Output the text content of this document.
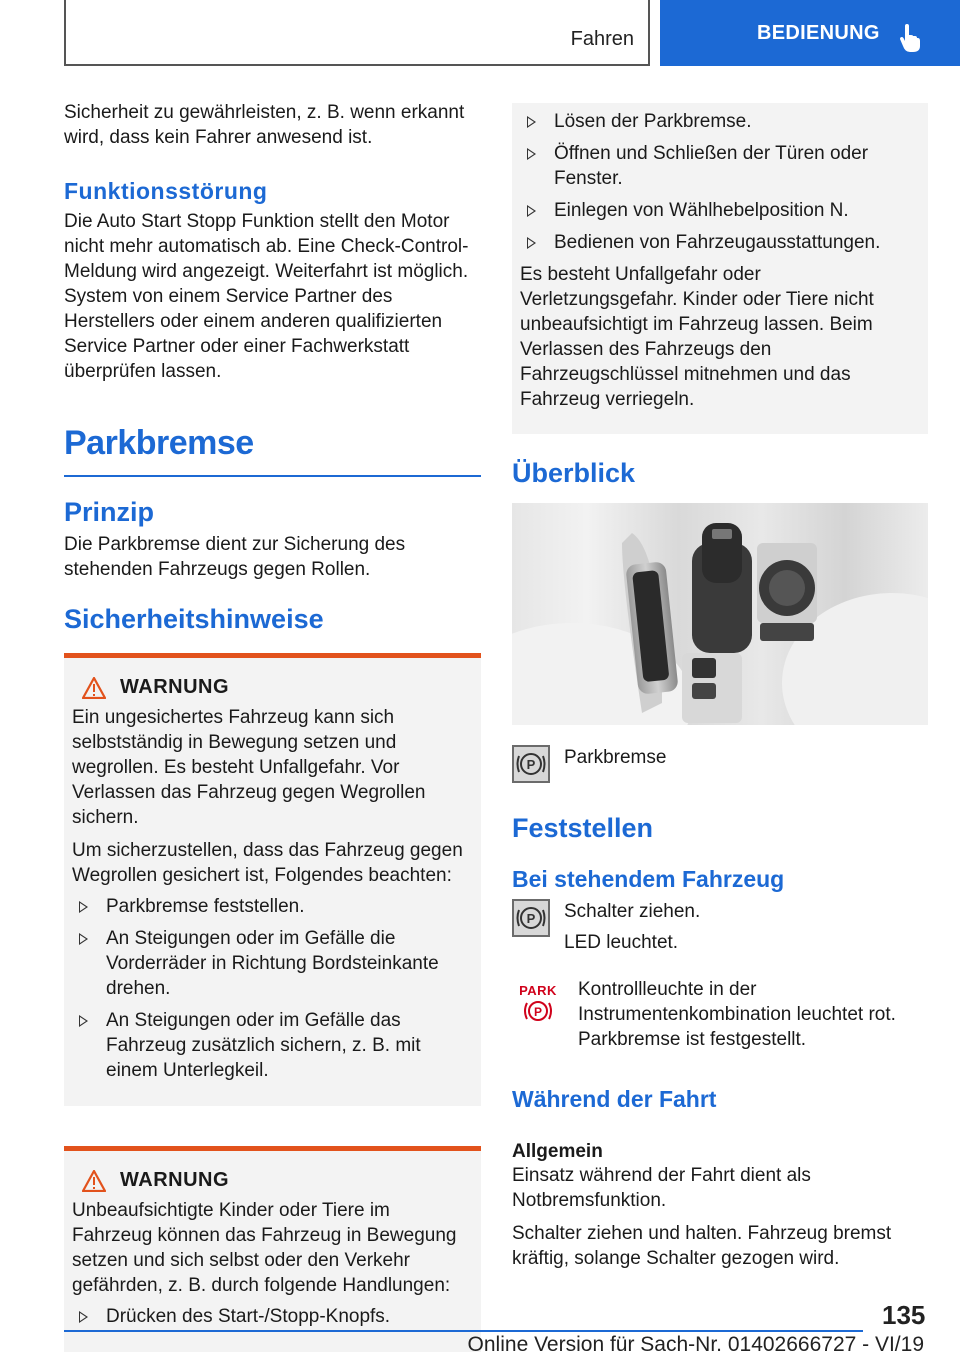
Fahren	BEDIENUNG

Sicherheit zu gewährleisten, z. B. wenn erkannt wird, dass kein Fahrer anwesend ist.

Funktionsstörung

Die Auto Start Stopp Funktion stellt den Motor nicht mehr automatisch ab. Eine Check-Control-Meldung wird angezeigt. Weiterfahrt ist möglich. System von einem Service Partner des Herstellers oder einem anderen qualifizierten Service Partner oder einer Fachwerkstatt überprüfen lassen.

Parkbremse
Prinzip

Die Parkbremse dient zur Sicherung des stehenden Fahrzeugs gegen Rollen.

Sicherheitshinweise
WARNUNG

Ein ungesichertes Fahrzeug kann sich selbstständig in Bewegung setzen und wegrollen. Es besteht Unfallgefahr. Vor Verlassen das Fahrzeug gegen Wegrollen sichern.

Um sicherzustellen, dass das Fahrzeug gegen Wegrollen gesichert ist, Folgendes beachten:

Parkbremse feststellen.
An Steigungen oder im Gefälle die Vorderräder in Richtung Bordsteinkante drehen.
An Steigungen oder im Gefälle das Fahrzeug zusätzlich sichern, z. B. mit einem Unterlegkeil.
WARNUNG

Unbeaufsichtigte Kinder oder Tiere im Fahrzeug können das Fahrzeug in Bewegung setzen und sich selbst oder den Verkehr gefährden, z. B. durch folgende Handlungen:

Drücken des Start-/Stopp-Knopfs.
Lösen der Parkbremse.
Öffnen und Schließen der Türen oder Fenster.
Einlegen von Wählhebelposition N.
Bedienen von Fahrzeugausstattungen.

Es besteht Unfallgefahr oder Verletzungsgefahr. Kinder oder Tiere nicht unbeaufsichtigt im Fahrzeug lassen. Beim Verlassen des Fahrzeugs den Fahrzeugschlüssel mitnehmen und das Fahrzeug verriegeln.

Überblick
P Parkbremse

Feststellen
Bei stehendem Fahrzeug
P Schalter ziehen.

LED leuchtet.

PARK
P

Kontrollleuchte in der Instrumentenkombination leuchtet rot. Parkbremse ist festgestellt.

Während der Fahrt
Allgemein

Einsatz während der Fahrt dient als Notbremsfunktion.

Schalter ziehen und halten. Fahrzeug bremst kräftig, solange Schalter gezogen wird.

135
Online Version für Sach-Nr. 01402666727 - VI/19
